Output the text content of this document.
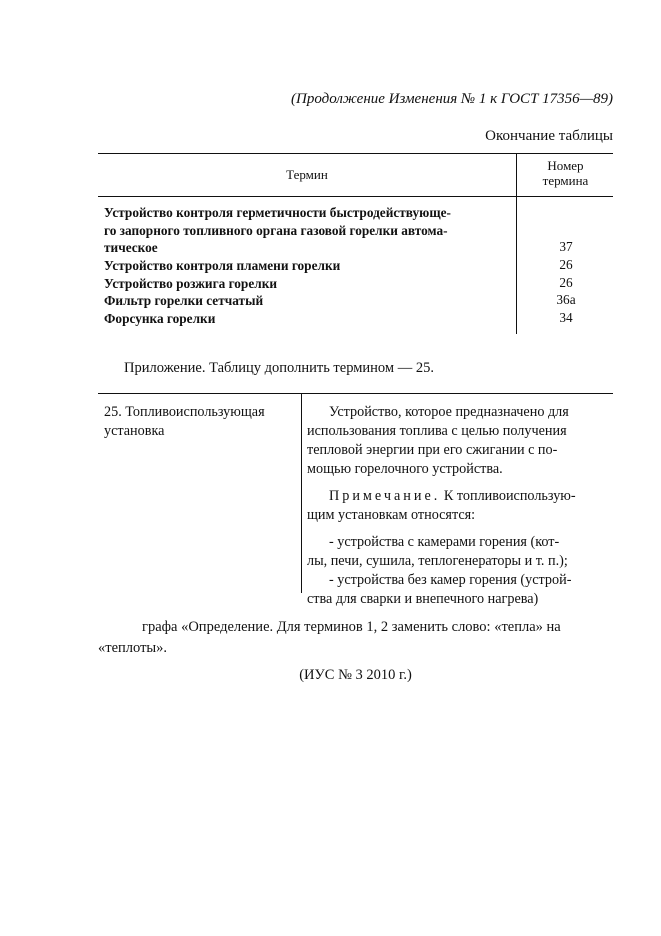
(Продолжение Изменения № 1 к ГОСТ 17356—89)
Окончание таблицы
Термин
Номер
термина
Устройство контроля герметичности быстродействующе-
го запорного топливного органа газовой горелки автома-
тическое	37
Устройство контроля пламени горелки	26
Устройство розжига горелки	26
Фильтр горелки сетчатый	36а
Форсунка горелки	34
Приложение. Таблицу дополнить термином — 25.
25. Топливоиспользующая
установка
Устройство, которое предназначено для
использования топлива с целью получения
тепловой энергии при его сжигании с по-
мощью горелочного устройства.
Примечание. К топливоиспользую-
щим установкам относятся:
- устройства с камерами горения (кот-
лы, печи, сушила, теплогенераторы и т. п.);
- устройства без камер горения (устрой-
ства для сварки и внепечного нагрева)
графа «Определение. Для терминов 1, 2 заменить слово: «тепла» на
«теплоты».
(ИУС № 3 2010 г.)
